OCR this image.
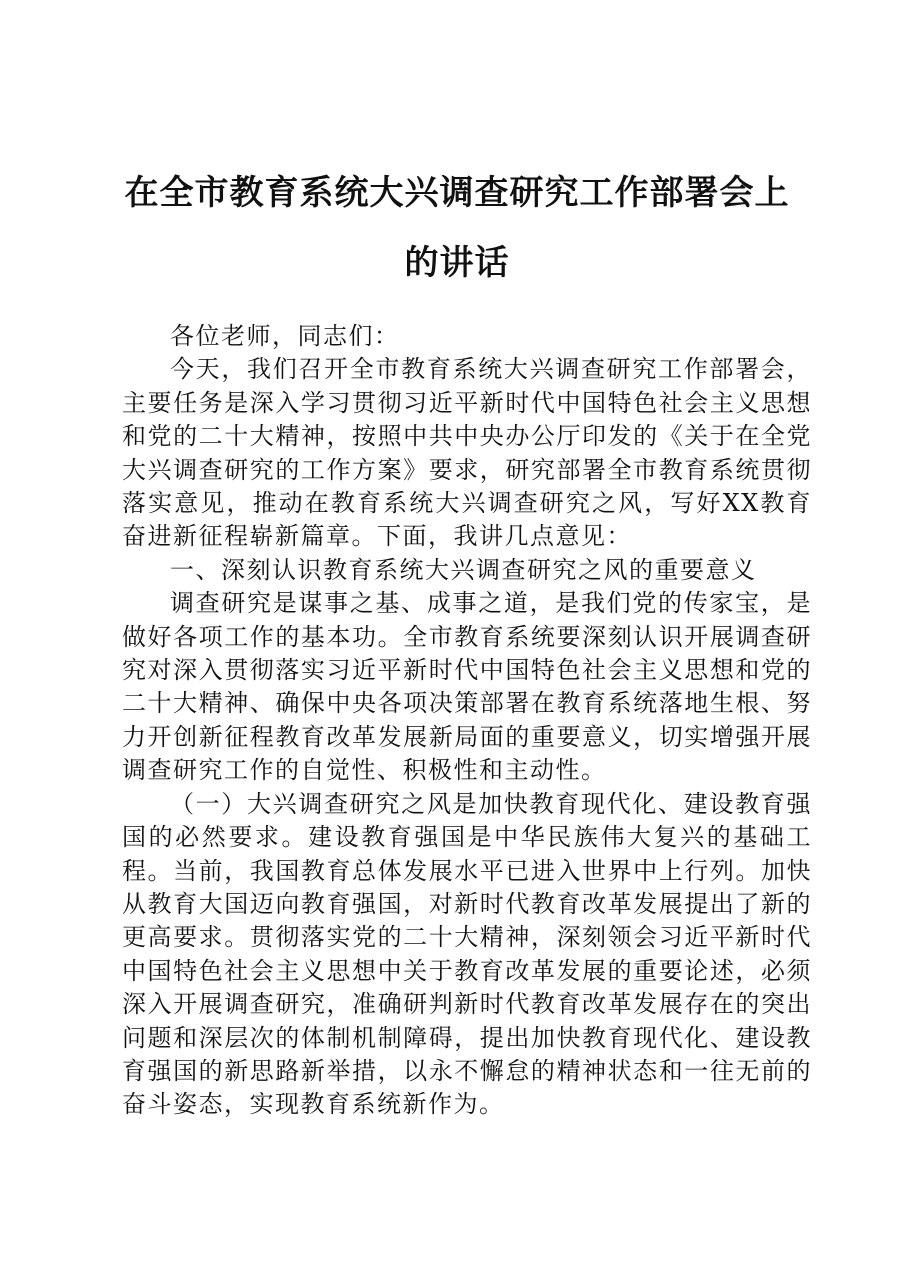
在全市教育系统大兴调查研究工作部署会上的讲话

各位老师，同志们：

今天，我们召开全市教育系统大兴调查研究工作部署会，主要任务是深入学习贯彻习近平新时代中国特色社会主义思想和党的二十大精神，按照中共中央办公厅印发的《关于在全党大兴调查研究的工作方案》要求，研究部署全市教育系统贯彻落实意见，推动在教育系统大兴调查研究之风，写好XX教育奋进新征程崭新篇章。下面，我讲几点意见：

一、深刻认识教育系统大兴调查研究之风的重要意义

调查研究是谋事之基、成事之道，是我们党的传家宝，是做好各项工作的基本功。全市教育系统要深刻认识开展调查研究对深入贯彻落实习近平新时代中国特色社会主义思想和党的二十大精神、确保中央各项决策部署在教育系统落地生根、努力开创新征程教育改革发展新局面的重要意义，切实增强开展调查研究工作的自觉性、积极性和主动性。

（一）大兴调查研究之风是加快教育现代化、建设教育强国的必然要求。建设教育强国是中华民族伟大复兴的基础工程。当前，我国教育总体发展水平已进入世界中上行列。加快从教育大国迈向教育强国，对新时代教育改革发展提出了新的更高要求。贯彻落实党的二十大精神，深刻领会习近平新时代中国特色社会主义思想中关于教育改革发展的重要论述，必须深入开展调查研究，准确研判新时代教育改革发展存在的突出问题和深层次的体制机制障碍，提出加快教育现代化、建设教育强国的新思路新举措，以永不懈怠的精神状态和一往无前的奋斗姿态，实现教育系统新作为。
